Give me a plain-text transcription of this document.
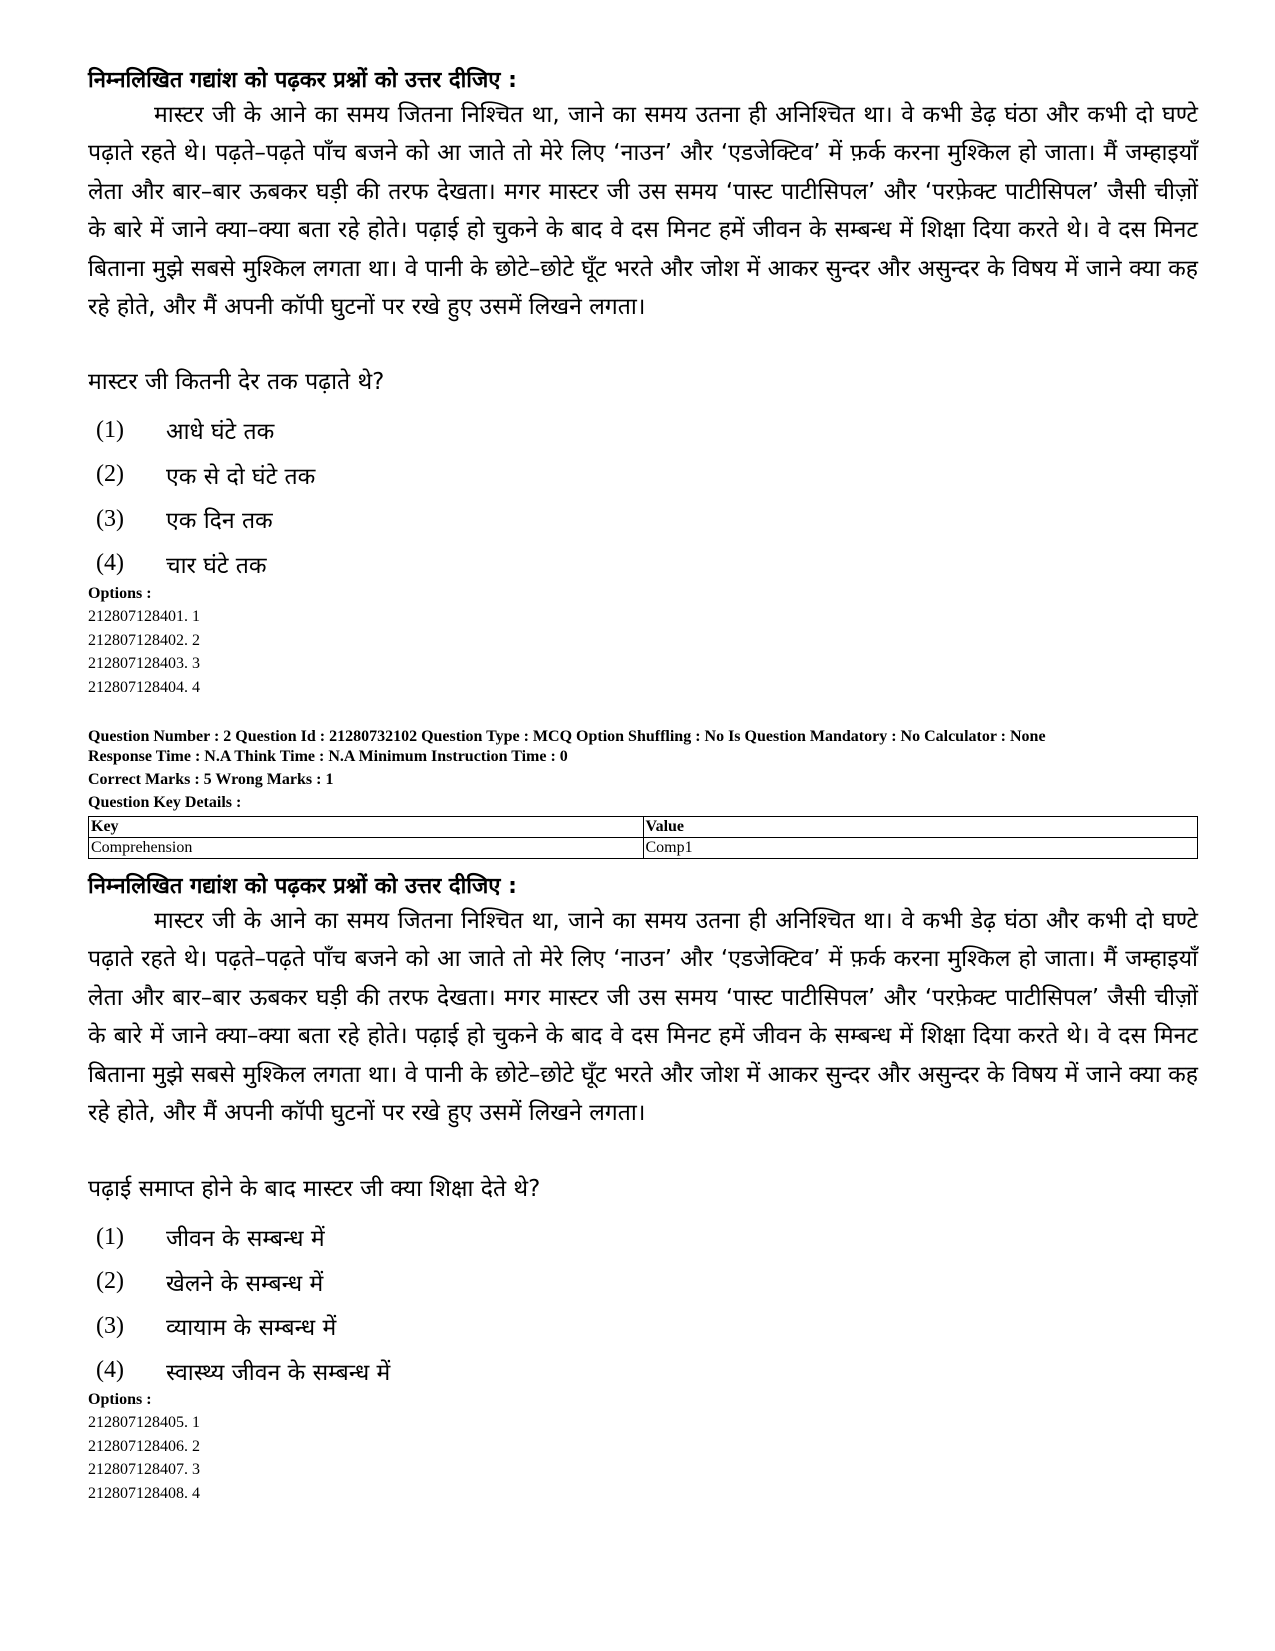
निम्नलिखित गद्यांश को पढ़कर प्रश्नों को उत्तर दीजिए :

मास्टर जी के आने का समय जितना निश्चित था, जाने का समय उतना ही अनिश्चित था। वे कभी डेढ़ घंठा और कभी दो घण्टे पढ़ाते रहते थे। पढ़ते–पढ़ते पाँच बजने को आ जाते तो मेरे लिए ‘नाउन’ और ‘एडजेक्टिव’ में फ़र्क करना मुश्किल हो जाता। मैं जम्हाइयाँ लेता और बार–बार ऊबकर घड़ी की तरफ देखता। मगर मास्टर जी उस समय ‘पास्ट पाटीसिपल’ और ‘परफ़ेक्ट पाटीसिपल’ जैसी चीज़ों के बारे में जाने क्या–क्या बता रहे होते। पढ़ाई हो चुकने के बाद वे दस मिनट हमें जीवन के सम्बन्ध में शिक्षा दिया करते थे। वे दस मिनट बिताना मुझे सबसे मुश्किल लगता था। वे पानी के छोटे–छोटे घूँट भरते और जोश में आकर सुन्दर और असुन्दर के विषय में जाने क्या कह रहे होते, और मैं अपनी कॉपी घुटनों पर रखे हुए उसमें लिखने लगता।

मास्टर जी कितनी देर तक पढ़ाते थे?

(1)	आधे घंटे तक
(2)	एक से दो घंटे तक
(3)	एक दिन तक
(4)	चार घंटे तक

Options :

212807128401. 1

212807128402. 2

212807128403. 3

212807128404. 4

Question Number : 2 Question Id : 21280732102 Question Type : MCQ Option Shuffling : No Is Question Mandatory : No Calculator : None

Response Time : N.A Think Time : N.A Minimum Instruction Time : 0

Correct Marks : 5 Wrong Marks : 1

Question Key Details :

Key	Value
Comprehension	Comp1

निम्नलिखित गद्यांश को पढ़कर प्रश्नों को उत्तर दीजिए :

मास्टर जी के आने का समय जितना निश्चित था, जाने का समय उतना ही अनिश्चित था। वे कभी डेढ़ घंठा और कभी दो घण्टे पढ़ाते रहते थे। पढ़ते–पढ़ते पाँच बजने को आ जाते तो मेरे लिए ‘नाउन’ और ‘एडजेक्टिव’ में फ़र्क करना मुश्किल हो जाता। मैं जम्हाइयाँ लेता और बार–बार ऊबकर घड़ी की तरफ देखता। मगर मास्टर जी उस समय ‘पास्ट पाटीसिपल’ और ‘परफ़ेक्ट पाटीसिपल’ जैसी चीज़ों के बारे में जाने क्या–क्या बता रहे होते। पढ़ाई हो चुकने के बाद वे दस मिनट हमें जीवन के सम्बन्ध में शिक्षा दिया करते थे। वे दस मिनट बिताना मुझे सबसे मुश्किल लगता था। वे पानी के छोटे–छोटे घूँट भरते और जोश में आकर सुन्दर और असुन्दर के विषय में जाने क्या कह रहे होते, और मैं अपनी कॉपी घुटनों पर रखे हुए उसमें लिखने लगता।

पढ़ाई समाप्त होने के बाद मास्टर जी क्या शिक्षा देते थे?

(1)	जीवन के सम्बन्ध में
(2)	खेलने के सम्बन्ध में
(3)	व्यायाम के सम्बन्ध में
(4)	स्वास्थ्य जीवन के सम्बन्ध में

Options :

212807128405. 1

212807128406. 2

212807128407. 3

212807128408. 4
